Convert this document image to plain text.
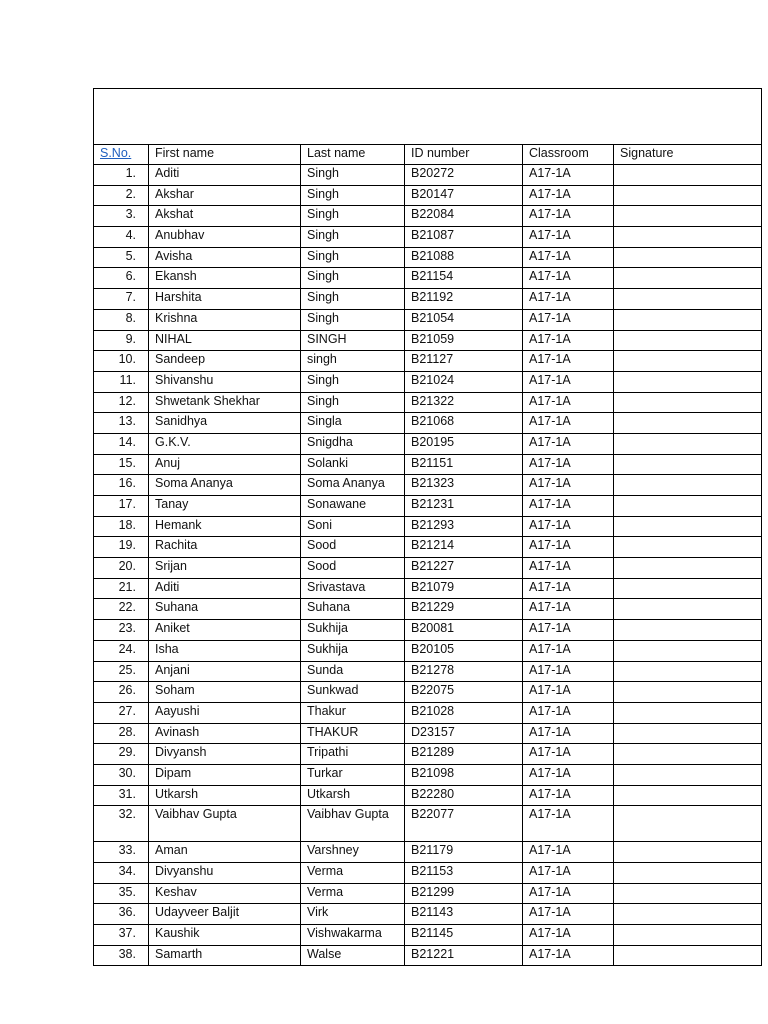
S.No.	First name	Last name	ID number	Classroom	Signature
1.	Aditi	Singh	B20272	A17-1A	
2.	Akshar	Singh	B20147	A17-1A	
3.	Akshat	Singh	B22084	A17-1A	
4.	Anubhav	Singh	B21087	A17-1A	
5.	Avisha	Singh	B21088	A17-1A	
6.	Ekansh	Singh	B21154	A17-1A	
7.	Harshita	Singh	B21192	A17-1A	
8.	Krishna	Singh	B21054	A17-1A	
9.	NIHAL	SINGH	B21059	A17-1A	
10.	Sandeep	singh	B21127	A17-1A	
11.	Shivanshu	Singh	B21024	A17-1A	
12.	Shwetank Shekhar	Singh	B21322	A17-1A	
13.	Sanidhya	Singla	B21068	A17-1A	
14.	G.K.V.	Snigdha	B20195	A17-1A	
15.	Anuj	Solanki	B21151	A17-1A	
16.	Soma Ananya	Soma Ananya	B21323	A17-1A	
17.	Tanay	Sonawane	B21231	A17-1A	
18.	Hemank	Soni	B21293	A17-1A	
19.	Rachita	Sood	B21214	A17-1A	
20.	Srijan	Sood	B21227	A17-1A	
21.	Aditi	Srivastava	B21079	A17-1A	
22.	Suhana	Suhana	B21229	A17-1A	
23.	Aniket	Sukhija	B20081	A17-1A	
24.	Isha	Sukhija	B20105	A17-1A	
25.	Anjani	Sunda	B21278	A17-1A	
26.	Soham	Sunkwad	B22075	A17-1A	
27.	Aayushi	Thakur	B21028	A17-1A	
28.	Avinash	THAKUR	D23157	A17-1A	
29.	Divyansh	Tripathi	B21289	A17-1A	
30.	Dipam	Turkar	B21098	A17-1A	
31.	Utkarsh	Utkarsh	B22280	A17-1A	
32.	Vaibhav Gupta	Vaibhav Gupta	B22077	A17-1A	
33.	Aman	Varshney	B21179	A17-1A	
34.	Divyanshu	Verma	B21153	A17-1A	
35.	Keshav	Verma	B21299	A17-1A	
36.	Udayveer Baljit	Virk	B21143	A17-1A	
37.	Kaushik	Vishwakarma	B21145	A17-1A	
38.	Samarth	Walse	B21221	A17-1A	
